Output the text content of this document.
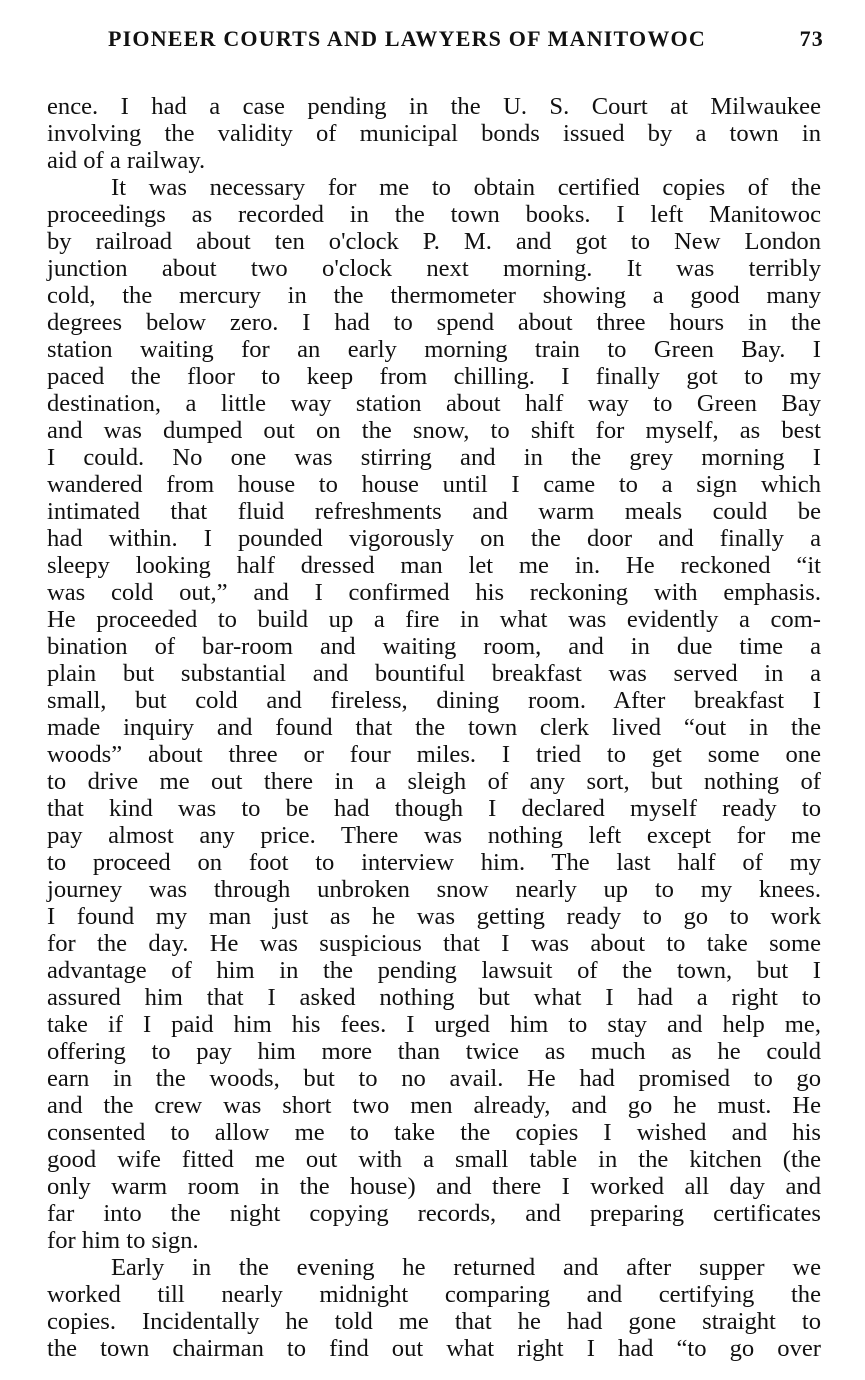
PIONEER COURTS AND LAWYERS OF MANITOWOC	73
ence. I had a case pending in the U. S. Court at Milwaukee
involving the validity of municipal bonds issued by a town in
aid of a railway.
It was necessary for me to obtain certified copies of the
proceedings as recorded in the town books. I left Manitowoc
by railroad about ten o'clock P. M. and got to New London
junction about two o'clock next morning. It was terribly
cold, the mercury in the thermometer showing a good many
degrees below zero. I had to spend about three hours in the
station waiting for an early morning train to Green Bay. I
paced the floor to keep from chilling. I finally got to my
destination, a little way station about half way to Green Bay
and was dumped out on the snow, to shift for myself, as best
I could. No one was stirring and in the grey morning I
wandered from house to house until I came to a sign which
intimated that fluid refreshments and warm meals could be
had within. I pounded vigorously on the door and finally a
sleepy looking half dressed man let me in. He reckoned “it
was cold out,” and I confirmed his reckoning with emphasis.
He proceeded to build up a fire in what was evidently a com-
bination of bar-room and waiting room, and in due time a
plain but substantial and bountiful breakfast was served in a
small, but cold and fireless, dining room. After breakfast I
made inquiry and found that the town clerk lived “out in the
woods” about three or four miles. I tried to get some one
to drive me out there in a sleigh of any sort, but nothing of
that kind was to be had though I declared myself ready to
pay almost any price. There was nothing left except for me
to proceed on foot to interview him. The last half of my
journey was through unbroken snow nearly up to my knees.
I found my man just as he was getting ready to go to work
for the day. He was suspicious that I was about to take some
advantage of him in the pending lawsuit of the town, but I
assured him that I asked nothing but what I had a right to
take if I paid him his fees. I urged him to stay and help me,
offering to pay him more than twice as much as he could
earn in the woods, but to no avail. He had promised to go
and the crew was short two men already, and go he must. He
consented to allow me to take the copies I wished and his
good wife fitted me out with a small table in the kitchen (the
only warm room in the house) and there I worked all day and
far into the night copying records, and preparing certificates
for him to sign.
Early in the evening he returned and after supper we
worked till nearly midnight comparing and certifying the
copies. Incidentally he told me that he had gone straight to
the town chairman to find out what right I had “to go over
